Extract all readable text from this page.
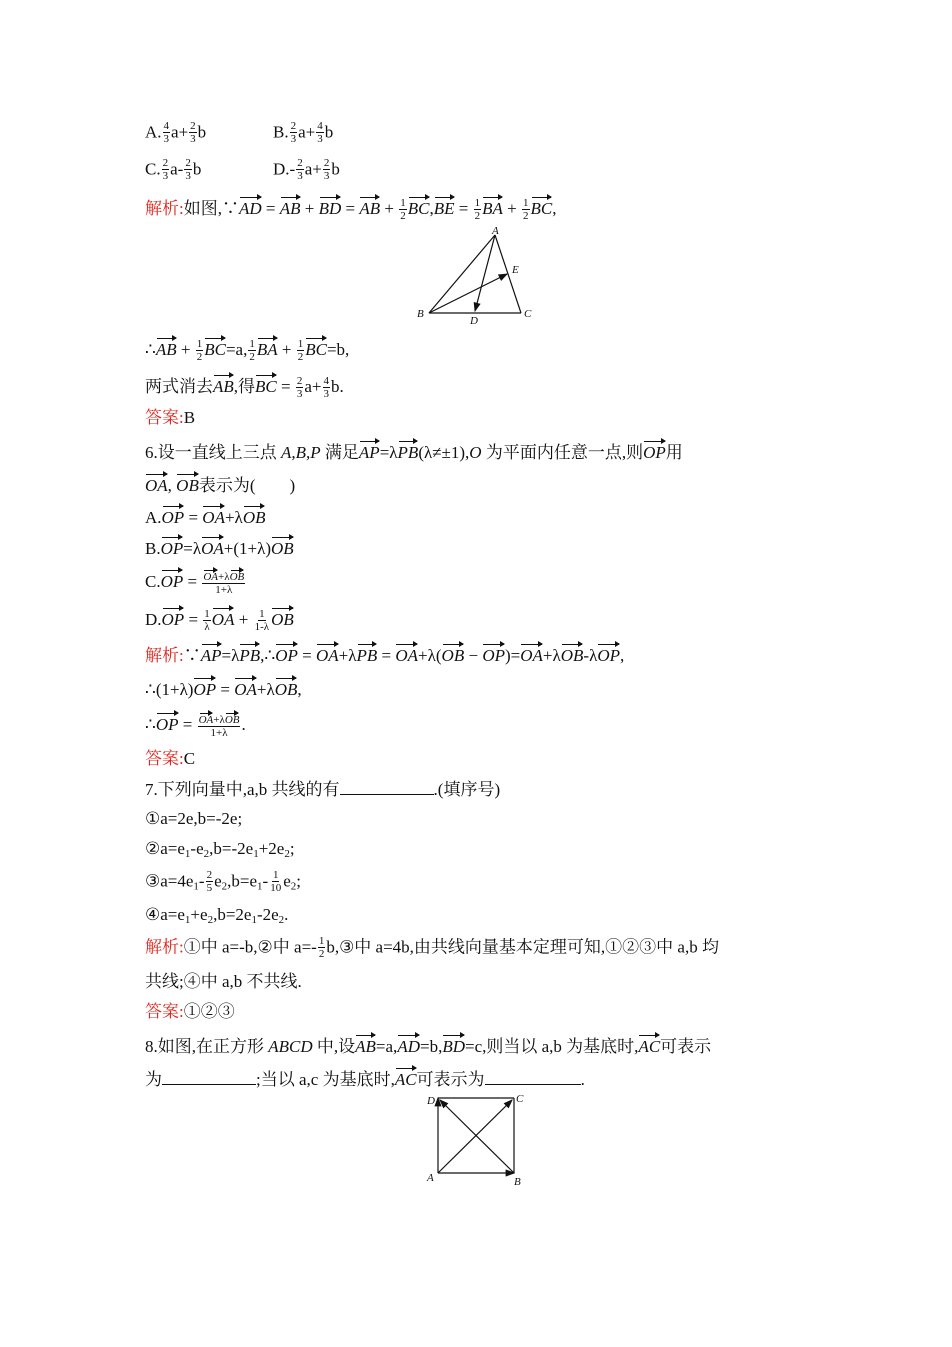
A. $\frac{4}{3} a+ \frac{2}{3}$ b	B. $\frac{2}{3} a+ \frac{4}{3}$ b
C. $\frac{2}{3} a- \frac{2}{3}$ b	$D.- \frac{2}{3} a+ \frac{2}{3}$ b
解析:如图,∵AD = AB + BD = AB + $\frac{1}{2} BC,BE = \frac{1}{2}$ BA + $\frac{1}{2}$ BC,
A
B	C
D
E
∴AB + $\frac{1}{2} BC=a$, $\frac{1}{2}$ BA + $\frac{1}{2} BC=b$,
两式消去AB,得BC = $\frac{2}{3} a+ \frac{4}{3} b$.
答案:B
6.设一直线上三点 A,B,P 满足AP=λPB(λ≠±1),O 为平面内任意一点,则OP用
OA, OB表示为(　　)
A.OP = OA+λOB
B.OP=λOA+(1+λ)OB
$C.OP = \frac{\text{OA+λOB}}{1+\lambda}$
$D.OP = \frac{1}{\lambda}$ OA + $\frac{1}{1-\lambda}$ OB
解析:∵AP=λPB,∴OP = OA+λPB = OA+λ(OB − OP)=OA+λOB-λOP,
∴(1+λ)OP = OA+λOB,
∴OP = $\frac{\text{OA+λOB}}{1+\lambda}$ .
答案:C
7.下列向量中,a,b 共线的有	.(填序号)
①a=2e,b=-2e;
$②a=e_1-e_2,b=-2e_1+2e_2$;
$③a=4e_1- \frac{2}{5} e_2,b=e_1- \frac{1}{10} e_2$;
$④a=e_1+e_2,b=2e_1-2e_2$.
解析:①中 a=-b,②中 $a=- \frac{1}{2}$ b,③中 a=4b,由共线向量基本定理可知,①②③中 a,b 均
共线;④中 a,b 不共线.
答案:①②③
8.如图,在正方形 ABCD 中,设AB=a,AD=b,BD=c,则当以 a,b 为基底时,AC可表示
为	;当以 a,c 为基底时,AC可表示为	.
D	C
A	B
